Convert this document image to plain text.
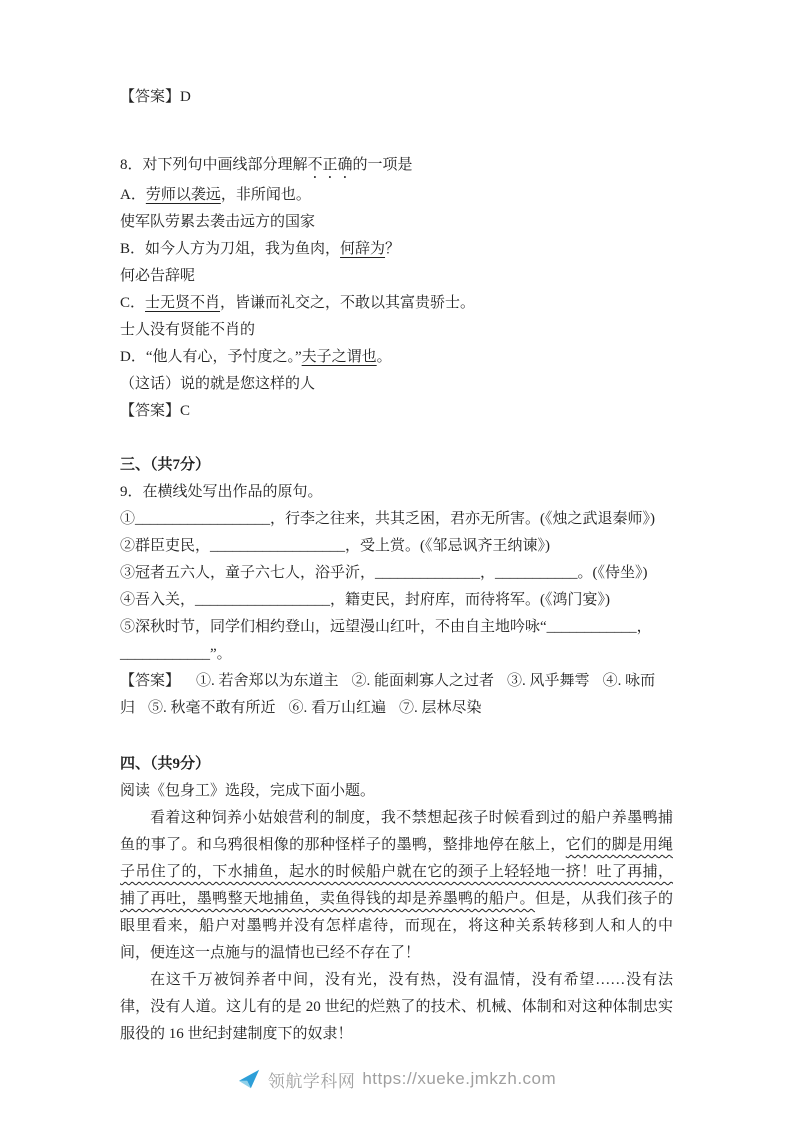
【答案】D

8．对下列句中画线部分理解不正确的一项是

A．劳师以袭远，非所闻也。

使军队劳累去袭击远方的国家

B．如今人方为刀俎，我为鱼肉，何辞为？

何必告辞呢

C．士无贤不肖，皆谦而礼交之，不敢以其富贵骄士。

士人没有贤能不肖的

D．“他人有心，予忖度之。”夫子之谓也。

（这话）说的就是您这样的人

【答案】C

三、（共7分）

9．在横线处写出作品的原句。

①__________________，行李之往来，共其乏困，君亦无所害。(《烛之武退秦师》)

②群臣吏民，__________________，受上赏。(《邹忌讽齐王纳谏》)

③冠者五六人，童子六七人，浴乎沂，______________，___________。(《侍坐》)

④吾入关，__________________，籍吏民，封府库，而待将军。(《鸿门宴》)

⑤深秋时节，同学们相约登山，远望漫山红叶，不由自主地吟咏“____________，____________”。

【答案】 ①. 若舍郑以为东道主 ②. 能面刺寡人之过者 ③. 风乎舞雩 ④. 咏而归 ⑤. 秋毫不敢有所近 ⑥. 看万山红遍 ⑦. 层林尽染

四、（共9分）

阅读《包身工》选段，完成下面小题。

看着这种饲养小姑娘营利的制度，我不禁想起孩子时候看到过的船户养墨鸭捕鱼的事了。和乌鸦很相像的那种怪样子的墨鸭，整排地停在舷上，它们的脚是用绳子吊住了的，下水捕鱼，起水的时候船户就在它的颈子上轻轻地一挤！吐了再捕，捕了再吐，墨鸭整天地捕鱼，卖鱼得钱的却是养墨鸭的船户。但是，从我们孩子的眼里看来，船户对墨鸭并没有怎样虐待，而现在，将这种关系转移到人和人的中间，便连这一点施与的温情也已经不存在了！

在这千万被饲养者中间，没有光，没有热，没有温情，没有希望……没有法律，没有人道。这儿有的是 20 世纪的烂熟了的技术、机械、体制和对这种体制忠实服役的 16 世纪封建制度下的奴隶！

领航学科网 https://xueke.jmkzh.com
